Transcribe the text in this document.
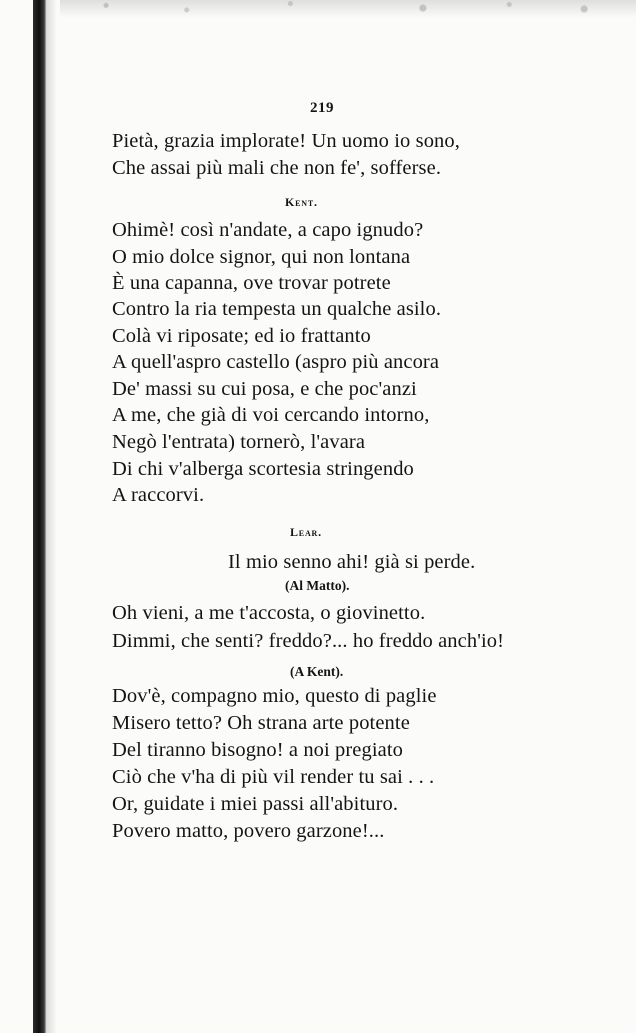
219
Pietà, grazia implorate! Un uomo io sono,
Che assai più mali che non fe', sofferse.
Kent.
Ohimè! così n'andate, a capo ignudo?
O mio dolce signor, qui non lontana
È una capanna, ove trovar potrete
Contro la ria tempesta un qualche asilo.
Colà vi riposate; ed io frattanto
A quell'aspro castello (aspro più ancora
De' massi su cui posa, e che poc'anzi
A me, che già di voi cercando intorno,
Negò l'entrata) tornerò, l'avara
Di chi v'alberga scortesia stringendo
A raccorvi.
Lear.
Il mio senno ahi! già si perde.
(Al Matto).
Oh vieni, a me t'accosta, o giovinetto.
Dimmi, che senti? freddo?... ho freddo anch'io!
(A Kent).
Dov'è, compagno mio, questo di paglie
Misero tetto? Oh strana arte potente
Del tiranno bisogno! a noi pregiato
Ciò che v'ha di più vil render tu sai . . .
Or, guidate i miei passi all'abituro.
Povero matto, povero garzone!...
